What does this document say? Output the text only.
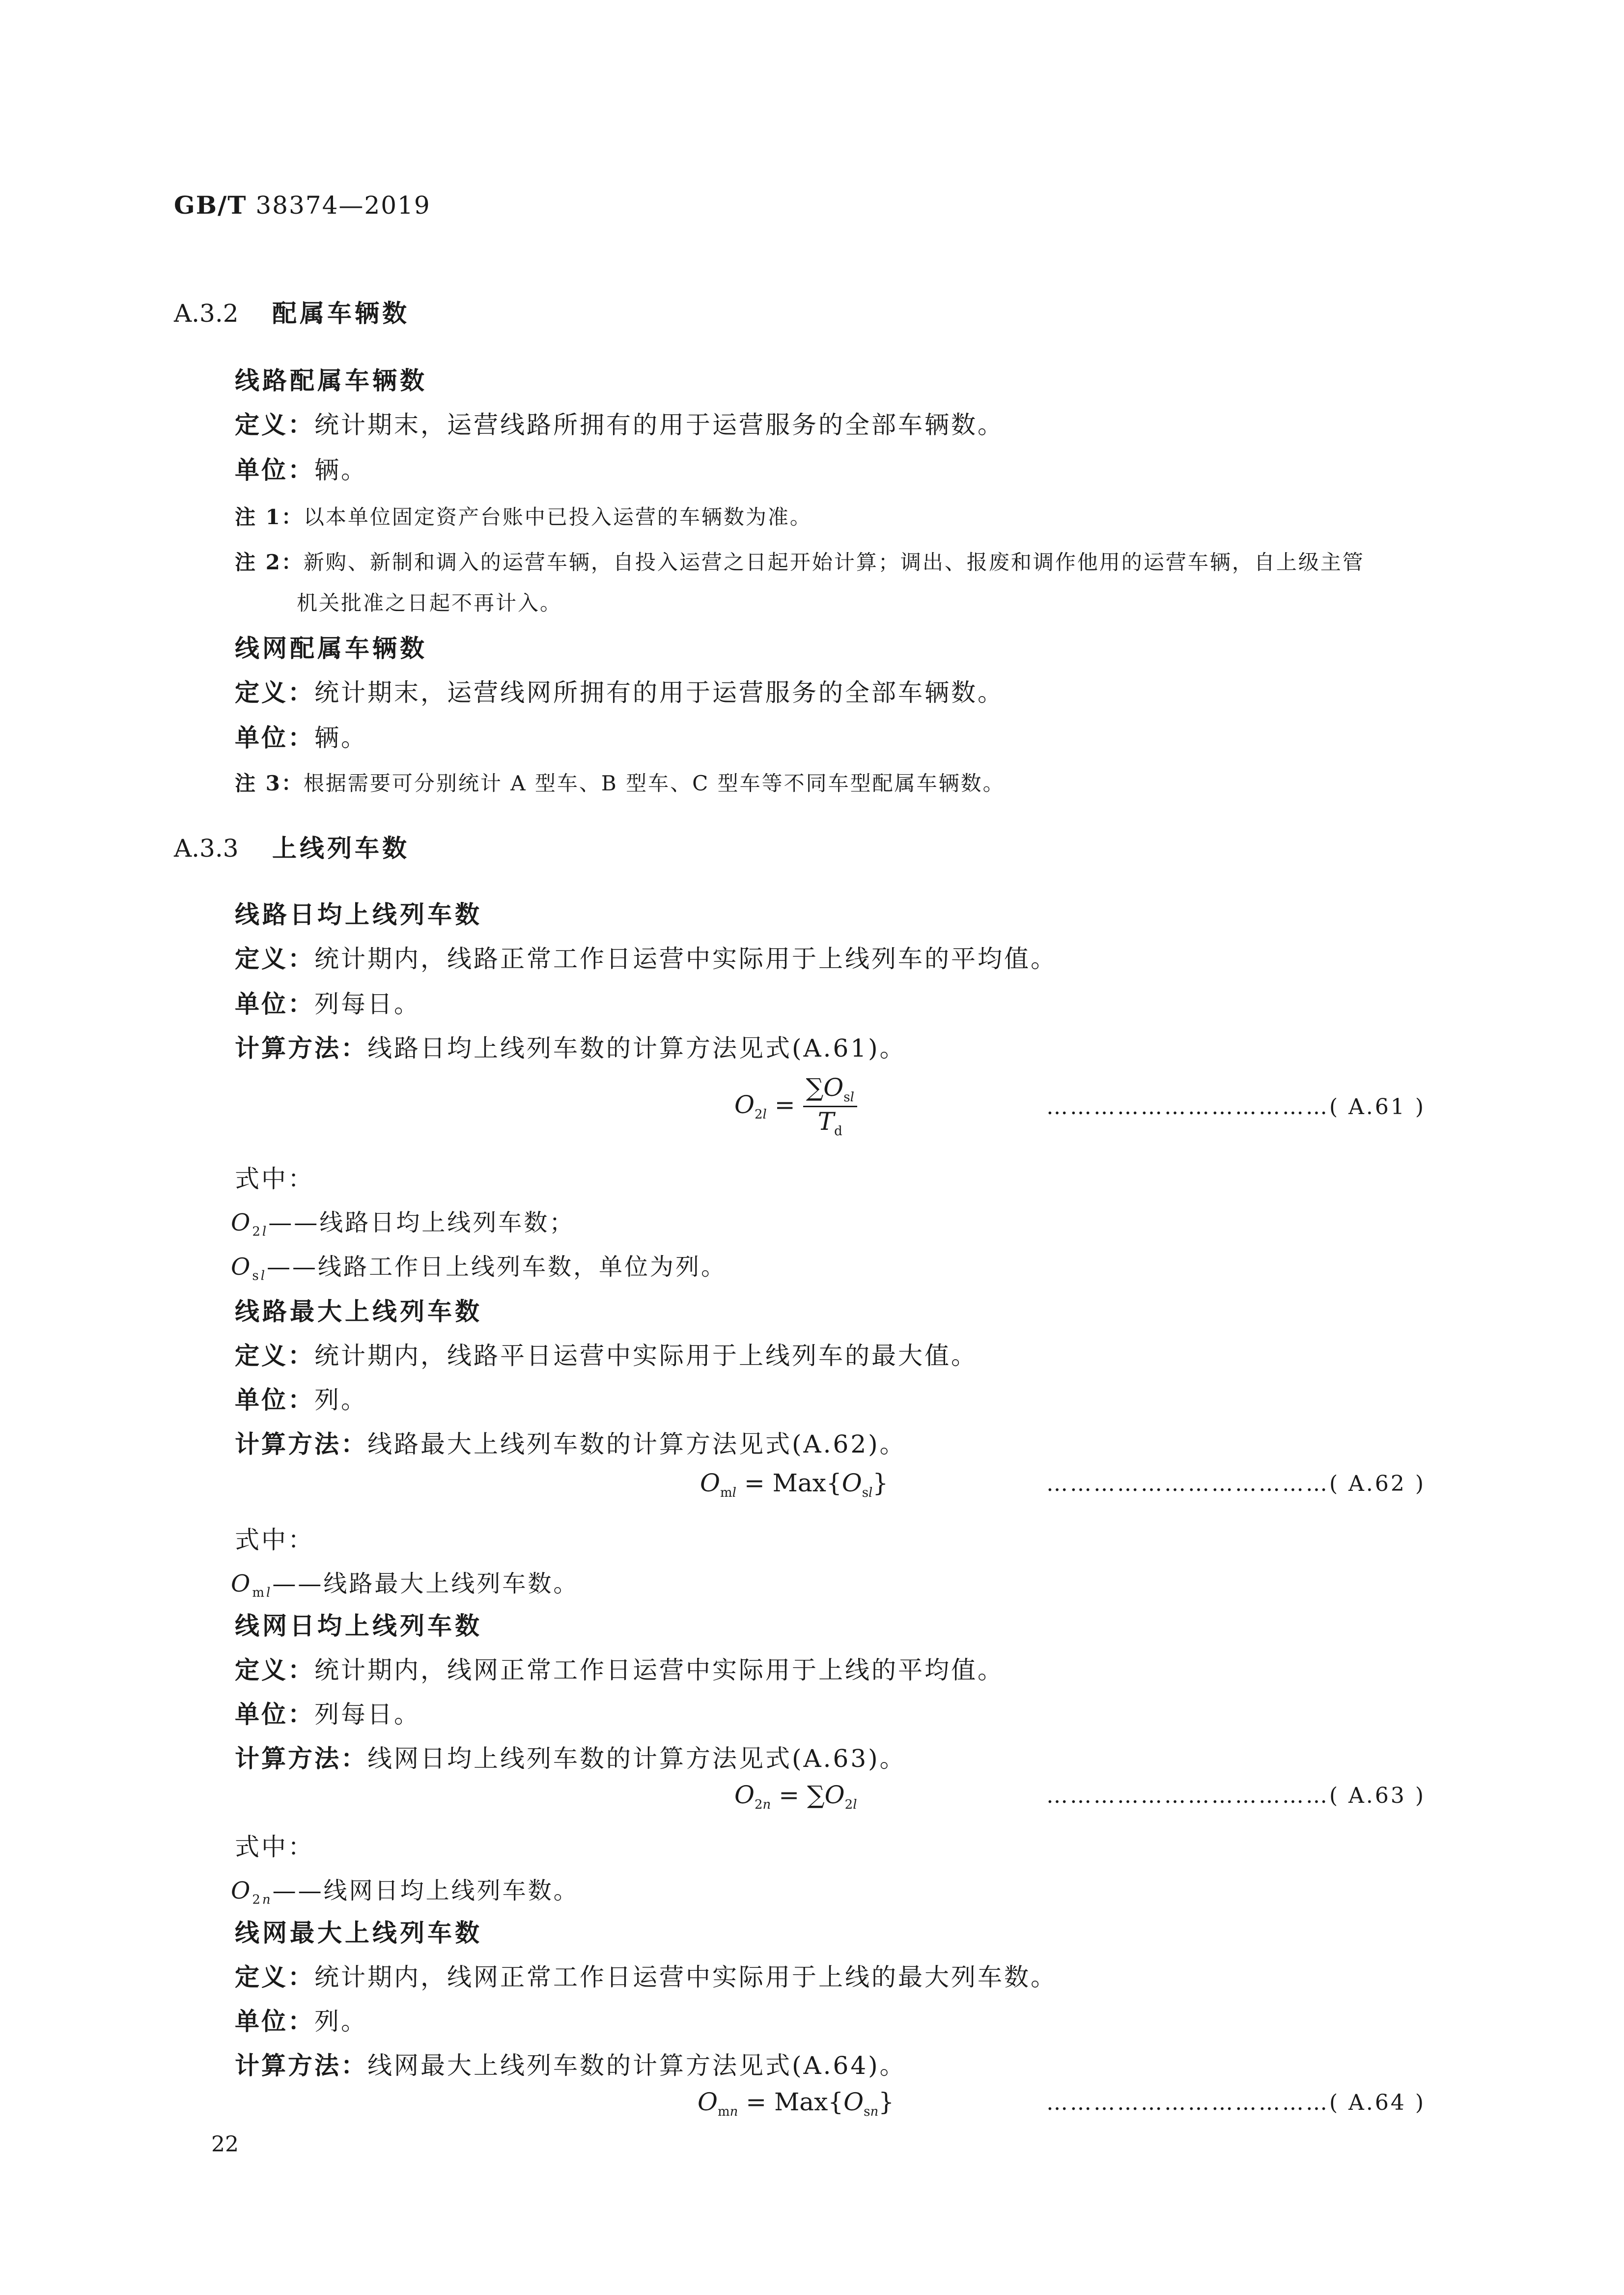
GB/T 38374—2019
A.3.2 配属车辆数
线路配属车辆数
定义：统计期末，运营线路所拥有的用于运营服务的全部车辆数。
单位：辆。
注 1：以本单位固定资产台账中已投入运营的车辆数为准。
注 2：新购、新制和调入的运营车辆，自投入运营之日起开始计算；调出、报废和调作他用的运营车辆，自上级主管
机关批准之日起不再计入。
线网配属车辆数
定义：统计期末，运营线网所拥有的用于运营服务的全部车辆数。
单位：辆。
注 3：根据需要可分别统计 A 型车、B 型车、C 型车等不同车型配属车辆数。
A.3.3 上线列车数
线路日均上线列车数
定义：统计期内，线路正常工作日运营中实际用于上线列车的平均值。
单位：列每日。
计算方法：线路日均上线列车数的计算方法见式(A.61)。
$O_{2l} = \frac{\sum O_{sl}}{T_d}$	………………………………( A.61 )
式中：
$O_{2l}——$线路日均上线列车数；
$O_{sl}——$线路工作日上线列车数，单位为列。
线路最大上线列车数
定义：统计期内，线路平日运营中实际用于上线列车的最大值。
单位：列。
计算方法：线路最大上线列车数的计算方法见式(A.62)。
$O_{ml} = Max\{O_{sl}\}$	………………………………( A.62 )
式中：
$O_{ml}——$线路最大上线列车数。
线网日均上线列车数
定义：统计期内，线网正常工作日运营中实际用于上线的平均值。
单位：列每日。
计算方法：线网日均上线列车数的计算方法见式(A.63)。
$O_{2n} = \sum O_{2l}$	………………………………( A.63 )
式中：
$O_{2n}——$线网日均上线列车数。
线网最大上线列车数
定义：统计期内，线网正常工作日运营中实际用于上线的最大列车数。
单位：列。
计算方法：线网最大上线列车数的计算方法见式(A.64)。
$O_{mn} = Max\{O_{sn}\}$	………………………………( A.64 )
22
